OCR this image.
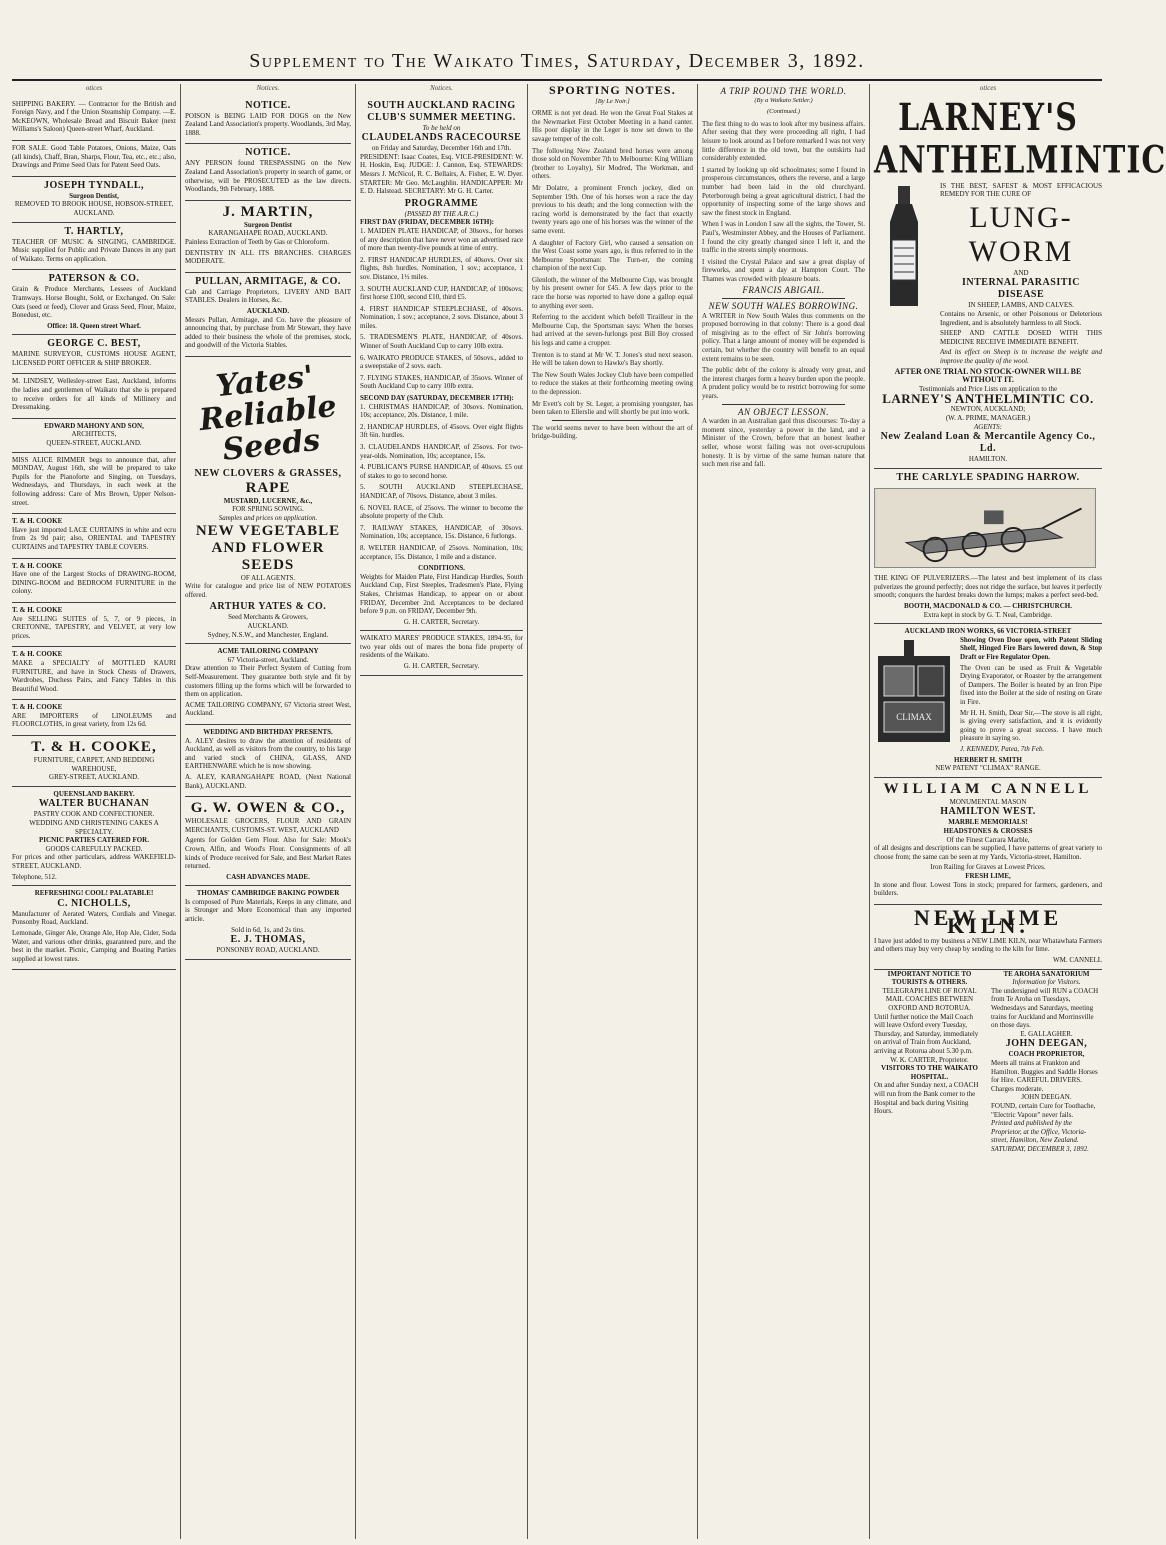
Supplement to The Waikato Times, Saturday, December 3, 1892.
otices

SHIPPING BAKERY. — Contractor for the British and Foreign Navy, and f the Union Steamship Company. —E. McKEOWN, Wholesale Bread and Biscuit Baker (next Williams's Saloon) Queen-street Wharf, Auckland.

FOR SALE. Good Table Potatoes, Onions, Maize, Oats (all kinds), Chaff, Bran, Sharps, Flour, Tea, etc., etc.; also, Drawings and Prime Seed Oats for Patent Seed Oats.

JOSEPH TYNDALL,
Surgeon Dentist,
REMOVED TO BROOK HOUSE, HOBSON-STREET, AUCKLAND.
T. HARTLY,

TEACHER OF MUSIC & SINGING, CAMBRIDGE. Music supplied for Public and Private Dances in any part of Waikato. Terms on application.

PATERSON & CO.

Grain & Produce Merchants, Lessees of Auckland Tramways. Horse Bought, Sold, or Exchanged. On Sale: Oats (seed or feed), Clover and Grass Seed, Flour, Maize, Bonedust, etc.

Office: 18. Queen street Wharf.
GEORGE C. BEST,

MARINE SURVEYOR, CUSTOMS HOUSE AGENT, LICENSED PORT OFFICER & SHIP BROKER.

M. LINDSEY, Wellesley-street East, Auckland, informs the ladies and gentlemen of Waikato that she is prepared to receive orders for all kinds of Millinery and Dressmaking.

EDWARD MAHONY AND SON,
ARCHITECTS,
QUEEN-STREET, AUCKLAND.

MISS ALICE RIMMER begs to announce that, after MONDAY, August 16th, she will be prepared to take Pupils for the Pianoforte and Singing, on Tuesdays, Wednesdays, and Thursdays, in each week at the following address: Care of Mrs Brown, Upper Nelson-street.

T. & H. COOKE

Have just imported LACE CURTAINS in white and ecru from 2s 9d pair; also, ORIENTAL and TAPESTRY CURTAINS and TAPESTRY TABLE COVERS.

T. & H. COOKE

Have one of the Largest Stocks of DRAWING-ROOM, DINING-ROOM and BEDROOM FURNITURE in the colony.

T. & H. COOKE

Are SELLING SUITES of 5, 7, or 9 pieces, in CRETONNE, TAPESTRY, and VELVET, at very low prices.

T. & H. COOKE

MAKE a SPECIALTY of MOTTLED KAURI FURNITURE, and have in Stock Chests of Drawers, Wardrobes, Duchess Pairs, and Fancy Tables in this Beautiful Wood.

T. & H. COOKE

ARE IMPORTERS of LINOLEUMS and FLOORCLOTHS, in great variety, from 12s 6d.

T. & H. COOKE,
FURNITURE, CARPET, AND BEDDING WAREHOUSE,
GREY-STREET, AUCKLAND.
QUEENSLAND BAKERY.
WALTER BUCHANAN
PASTRY COOK AND CONFECTIONER.
WEDDING AND CHRISTENING CAKES A SPECIALTY.
PICNIC PARTIES CATERED FOR.
GOODS CAREFULLY PACKED.

For prices and other particulars, address WAKEFIELD-STREET, AUCKLAND.

Telephone, 512.
REFRESHING! COOL! PALATABLE!
C. NICHOLLS,

Manufacturer of Aerated Waters, Cordials and Vinegar. Ponsonby Road, Auckland.

Lemonade, Ginger Ale, Orange Ale, Hop Ale, Cider, Soda Water, and various other drinks, guaranteed pure, and the best in the market. Picnic, Camping and Boating Parties supplied at lowest rates.

Notices.
NOTICE.

POISON is BEING LAID FOR DOGS on the New Zealand Land Association's property. Woodlands, 3rd May, 1888.

NOTICE.

ANY PERSON found TRESPASSING on the New Zealand Land Association's property in search of game, or otherwise, will be PROSECUTED as the law directs. Woodlands, 9th February, 1888.

J. MARTIN,
Surgeon Dentist
KARANGAHAPE ROAD, AUCKLAND.

Painless Extraction of Teeth by Gas or Chloroform.

DENTISTRY IN ALL ITS BRANCHES. CHARGES MODERATE.

PULLAN, ARMITAGE, & CO.

Cab and Carriage Proprietors, LIVERY AND BAIT STABLES. Dealers in Horses, &c.

AUCKLAND.

Messrs Pullan, Armitage, and Co. have the pleasure of announcing that, by purchase from Mr Stewart, they have added to their business the whole of the premises, stock, and goodwill of the Victoria Stables.

Yates' Reliable Seeds
NEW CLOVERS & GRASSES,
RAPE
MUSTARD, LUCERNE, &c.,
FOR SPRING SOWING.
Samples and prices on application.
NEW VEGETABLE AND FLOWER SEEDS
OF ALL AGENTS.

Write for catalogue and price list of NEW POTATOES offered.

ARTHUR YATES & CO.
Seed Merchants & Growers,
AUCKLAND.
Sydney, N.S.W., and Manchester, England.
ACME TAILORING COMPANY
67 Victoria-street, Auckland.

Draw attention to Their Perfect System of Cutting from Self-Measurement. They guarantee both style and fit by customers filling up the forms which will be forwarded to them on application.

ACME TAILORING COMPANY, 67 Victoria street West, Auckland.

WEDDING AND BIRTHDAY PRESENTS.

A. ALEY desires to draw the attention of residents of Auckland, as well as visitors from the country, to his large and varied stock of CHINA, GLASS, AND EARTHENWARE which he is now showing.

A. ALEY, KARANGAHAPE ROAD, (Next National Bank), AUCKLAND.

G. W. OWEN & CO.,

WHOLESALE GROCERS, FLOUR AND GRAIN MERCHANTS, CUSTOMS-ST. WEST, AUCKLAND

Agents for Golden Gem Flour. Also for Sale: Mook's Crown, Alfin, and Wood's Flour. Consignments of all kinds of Produce received for Sale, and Best Market Rates returned.

CASH ADVANCES MADE.
THOMAS' CAMBRIDGE BAKING POWDER

Is composed of Pure Materials, Keeps in any climate, and is Stronger and More Economical than any imported article.

Sold in 6d, 1s, and 2s tins.
E. J. THOMAS,
PONSONBY ROAD, AUCKLAND.
Notices.
SOUTH AUCKLAND RACING CLUB'S SUMMER MEETING.
To be held on
CLAUDELANDS RACECOURSE
on Friday and Saturday, December 16th and 17th.

PRESIDENT: Isaac Coates, Esq. VICE-PRESIDENT: W. H. Hoskin, Esq. JUDGE: J. Cannon, Esq. STEWARDS: Messrs J. McNicol, R. C. Bellairs, A. Fisher, E. W. Dyer. STARTER: Mr Geo. McLaughlin. HANDICAPPER: Mr E. D. Halstead. SECRETARY: Mr G. H. Carter.

PROGRAMME
(PASSED BY THE A.R.C.)
FIRST DAY (FRIDAY, DECEMBER 16TH):
1. MAIDEN PLATE HANDICAP, of 30sovs., for horses of any description that have never won an advertised race of more than twenty-five pounds at time of entry.
2. FIRST HANDICAP HURDLES, of 40sovs. Over six flights, 8sh hurdles. Nomination, 1 sov.; acceptance, 1 sov. Distance, 1½ miles.
3. SOUTH AUCKLAND CUP, HANDICAP, of 100sovs; first horse £100, second £10, third £5.
4. FIRST HANDICAP STEEPLECHASE, of 40sovs. Nomination, 1 sov.; acceptance, 2 sovs. Distance, about 3 miles.
5. TRADESMEN'S PLATE, HANDICAP, of 40sovs. Winner of South Auckland Cup to carry 10lb extra.
6. WAIKATO PRODUCE STAKES, of 50sovs., added to a sweepstake of 2 sovs. each.
7. FLYING STAKES, HANDICAP, of 35sovs. Winner of South Auckland Cup to carry 10lb extra.
SECOND DAY (SATURDAY, DECEMBER 17TH):
1. CHRISTMAS HANDICAP, of 30sovs. Nomination, 10s; acceptance, 20s. Distance, 1 mile.
2. HANDICAP HURDLES, of 45sovs. Over eight flights 3ft 6in. hurdles.
3. CLAUDELANDS HANDICAP, of 25sovs. For two-year-olds. Nomination, 10s; acceptance, 15s.
4. PUBLICAN'S PURSE HANDICAP, of 40sovs. £5 out of stakes to go to second horse.
5. SOUTH AUCKLAND STEEPLECHASE, HANDICAP, of 70sovs. Distance, about 3 miles.
6. NOVEL RACE, of 25sovs. The winner to become the absolute property of the Club.
7. RAILWAY STAKES, HANDICAP, of 30sovs. Nomination, 10s; acceptance, 15s. Distance, 6 furlongs.
8. WELTER HANDICAP, of 25sovs. Nomination, 10s; acceptance, 15s. Distance, 1 mile and a distance.
CONDITIONS.

Weights for Maiden Plate, First Handicap Hurdles, South Auckland Cup, First Steeples, Tradesmen's Plate, Flying Stakes, Christmas Handicap, to appear on or about FRIDAY, December 2nd. Acceptances to be declared before 9 p.m. on FRIDAY, December 9th.

G. H. CARTER, Secretary.

WAIKATO MARES' PRODUCE STAKES, 1894-95, for two year olds out of mares the bona fide property of residents of the Waikato.

G. H. CARTER, Secretary.
SPORTING NOTES.
[By Le Noir.]

ORME is not yet dead. He won the Great Foal Stakes at the Newmarket First October Meeting in a hand canter. His poor display in the Leger is now set down to the savage temper of the colt.

The following New Zealand bred horses were among those sold on November 7th to Melbourne: King William (brother to Loyalty), Sir Modred, The Workman, and others.

Mr Dolatre, a prominent French jockey, died on September 19th. One of his horses won a race the day previous to his death; and the long connection with the racing world is demonstrated by the fact that exactly twenty years ago one of his horses was the winner of the same event.

A daughter of Factory Girl, who caused a sensation on the West Coast some years ago, is thus referred to in the Melbourne Sportsman: The Turn-er, the coming champion of the next Cup.

Glenloth, the winner of the Melbourne Cup, was brought by his present owner for £45. A few days prior to the race the horse was reported to have done a gallop equal to anything ever seen.

Referring to the accident which befell Tirailleur in the Melbourne Cup, the Sportsman says: When the horses had arrived at the seven-furlongs post Bill Boy crossed his legs and came a cropper.

Trenton is to stand at Mr W. T. Jones's stud next season. He will be taken down to Hawke's Bay shortly.

The New South Wales Jockey Club have been compelled to reduce the stakes at their forthcoming meeting owing to the depression.

Mr Evett's colt by St. Leger, a promising youngster, has been taken to Ellerslie and will shortly be put into work.

The world seems never to have been without the art of bridge-building.

A TRIP ROUND THE WORLD.
(By a Waikato Settler.)
(Continued.)

The first thing to do was to look after my business affairs. After seeing that they were proceeding all right, I had leisure to look around as I before remarked I was not very little difference in the old town, but the outskirts had considerably extended.

I started by looking up old schoolmates; some I found in prosperous circumstances, others the reverse, and a large number had been laid in the old churchyard. Peterborough being a great agricultural district, I had the opportunity of inspecting some of the large shows and saw the finest stock in England.

When I was in London I saw all the sights, the Tower, St. Paul's, Westminster Abbey, and the Houses of Parliament. I found the city greatly changed since I left it, and the traffic in the streets simply enormous.

I visited the Crystal Palace and saw a great display of fireworks, and spent a day at Hampton Court. The Thames was crowded with pleasure boats.

FRANCIS ABIGAIL.
NEW SOUTH WALES BORROWING.

A WRITER in New South Wales thus comments on the proposed borrowing in that colony: There is a good deal of misgiving as to the effect of Sir John's borrowing policy. That a large amount of money will be expended is certain, but whether the country will benefit to an equal extent remains to be seen.

The public debt of the colony is already very great, and the interest charges form a heavy burden upon the people. A prudent policy would be to restrict borrowing for some years.

AN OBJECT LESSON.

A warden in an Australian gaol thus discourses: To-day a moment since, yesterday a power in the land, and a Minister of the Crown, before that an honest leather seller, whose worst failing was not over-scrupulous honesty. It is by virtue of the same human nature that such men rise and fall.

otices
LARNEY'S ANTHELMINTIC

IS THE BEST, SAFEST & MOST EFFICACIOUS REMEDY FOR THE CURE OF

LUNG-WORM
AND
INTERNAL PARASITIC DISEASE
IN SHEEP, LAMBS, AND CALVES.

Contains no Arsenic, or other Poisonous or Deleterious Ingredient, and is absolutely harmless to all Stock.

SHEEP AND CATTLE DOSED WITH THIS MEDICINE RECEIVE IMMEDIATE BENEFIT.

And its effect on Sheep is to increase the weight and improve the quality of the wool.

AFTER ONE TRIAL NO STOCK-OWNER WILL BE WITHOUT IT.
Testimonials and Price Lists on application to the
LARNEY'S ANTHELMINTIC CO.
NEWTON, AUCKLAND;
(W. A. PRIME, MANAGER.)
AGENTS:
New Zealand Loan & Mercantile Agency Co., Ld.
HAMILTON.
THE CARLYLE SPADING HARROW.

THE KING OF PULVERIZERS.—The latest and best implement of its class pulverizes the ground perfectly; does not ridge the surface, but leaves it perfectly smooth; conquers the hardest breaks down the lumps; makes a perfect seed-bed.

BOOTH, MACDONALD & CO. — CHRISTCHURCH.
Extra kept in stock by G. T. Neal, Cambridge.
AUCKLAND IRON WORKS, 66 VICTORIA-STREET
CLIMAX

Showing Oven Door open, with Patent Sliding Shelf, Hinged Fire Bars lowered down, & Stop Draft or Fire Regulator Open.

The Oven can be used as Fruit & Vegetable Drying Evaporator, or Roaster by the arrangement of Dampers. The Boiler is heated by an Iron Pipe fixed into the Boiler at the side of resting on Grate in Fire.

Mr H. H. Smith, Dear Sir,—The stove is all right, is giving every satisfaction, and it is evidently going to prove a great success. I have much pleasure in saying so.

J. KENNEDY, Patea, 7th Feb.

HERBERT H. SMITH
NEW PATENT "CLIMAX" RANGE.
WILLIAM CANNELL
MONUMENTAL MASON
HAMILTON WEST.
MARBLE MEMORIALS!
HEADSTONES & CROSSES
Of the Finest Carrara Marble,

of all designs and descriptions can be supplied, I have patterns of great variety to choose from; the same can be seen at my Yards, Victoria-street, Hamilton.

Iron Railing for Graves at Lowest Prices.
FRESH LIME,

In stone and flour. Lowest Tons in stock; prepared for farmers, gardeners, and builders.

NEW LIME KILN.

I have just added to my business a NEW LIME KILN, near Whatawhata Farmers and others may buy very cheap by sending to the kiln for lime.

WM. CANNELL
IMPORTANT NOTICE TO TOURISTS & OTHERS.

TELEGRAPH LINE OF ROYAL MAIL COACHES BETWEEN OXFORD AND ROTORUA.

Until further notice the Mail Coach will leave Oxford every Tuesday, Thursday, and Saturday, immediately on arrival of Train from Auckland, arriving at Rotorua about 5.30 p.m.

W. K. CARTER, Proprietor.
VISITORS TO THE WAIKATO HOSPITAL.

On and after Sunday next, a COACH will run from the Bank corner to the Hospital and back during Visiting Hours.

TE AROHA SANATORIUM
Information for Visitors.

The undersigned will RUN a COACH from Te Aroha on Tuesdays, Wednesdays and Saturdays, meeting trains for Auckland and Morrinsville on those days.

E. GALLAGHER.
JOHN DEEGAN,
COACH PROPRIETOR,

Meets all trains at Frankton and Hamilton. Buggies and Saddle Horses for Hire. CAREFUL DRIVERS. Charges moderate.

JOHN DEEGAN.

FOUND, certain Cure for Toothache, "Electric Vapour" never fails.

Printed and published by the Proprietor, at the Office, Victoria-street, Hamilton, New Zealand. SATURDAY, DECEMBER 3, 1892.
